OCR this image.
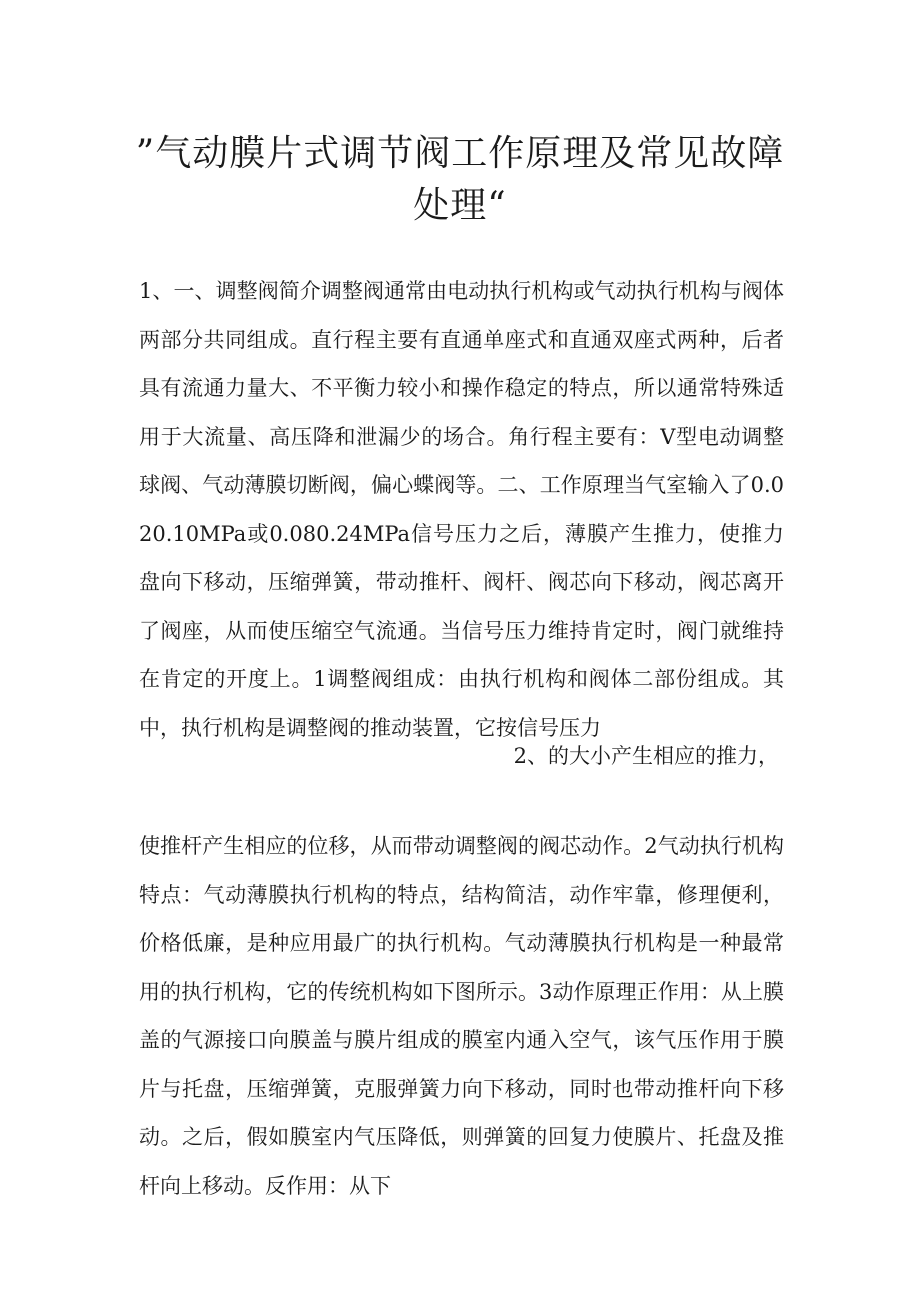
”气动膜片式调节阀工作原理及常见故障处理“

1、一、调整阀简介调整阀通常由电动执行机构或气动执行机构与阀体两部分共同组成。直行程主要有直通单座式和直通双座式两种，后者具有流通力量大、不平衡力较小和操作稳定的特点，所以通常特殊适用于大流量、高压降和泄漏少的场合。角行程主要有：V型电动调整球阀、气动薄膜切断阀，偏心蝶阀等。二、工作原理当气室输入了0.020.10MPa或0.080.24MPa信号压力之后，薄膜产生推力，使推力盘向下移动，压缩弹簧，带动推杆、阀杆、阀芯向下移动，阀芯离开了阀座，从而使压缩空气流通。当信号压力维持肯定时，阀门就维持在肯定的开度上。1调整阀组成：由执行机构和阀体二部份组成。其中，执行机构是调整阀的推动装置，它按信号压力

2、的大小产生相应的推力，

使推杆产生相应的位移，从而带动调整阀的阀芯动作。2气动执行机构特点：气动薄膜执行机构的特点，结构简洁，动作牢靠，修理便利，价格低廉，是种应用最广的执行机构。气动薄膜执行机构是一种最常用的执行机构，它的传统机构如下图所示。3动作原理正作用：从上膜盖的气源接口向膜盖与膜片组成的膜室内通入空气，该气压作用于膜片与托盘，压缩弹簧，克服弹簧力向下移动，同时也带动推杆向下移动。之后，假如膜室内气压降低，则弹簧的回复力使膜片、托盘及推杆向上移动。反作用：从下
